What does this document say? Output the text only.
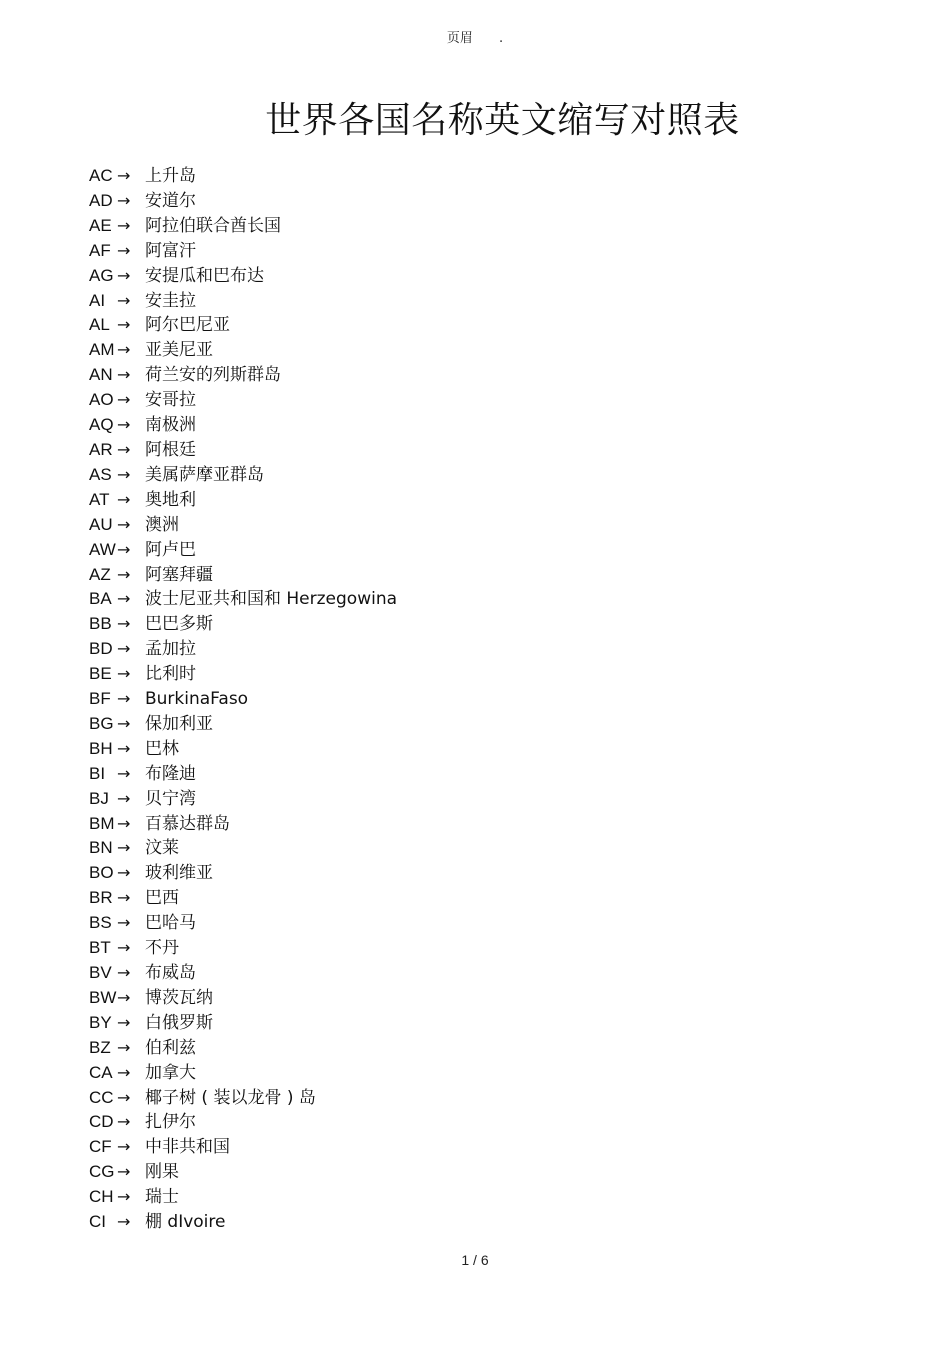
页眉 .
世界各国名称英文缩写对照表
AC → 上升岛
AD → 安道尔
AE → 阿拉伯联合酋长国
AF → 阿富汗
AG → 安提瓜和巴布达
AI → 安圭拉
AL → 阿尔巴尼亚
AM → 亚美尼亚
AN → 荷兰安的列斯群岛
AO → 安哥拉
AQ → 南极洲
AR → 阿根廷
AS → 美属萨摩亚群岛
AT → 奥地利
AU → 澳洲
AW → 阿卢巴
AZ → 阿塞拜疆
BA → 波士尼亚共和国和 Herzegowina
BB → 巴巴多斯
BD → 孟加拉
BE → 比利时
BF → BurkinaFaso
BG → 保加利亚
BH → 巴林
BI → 布隆迪
BJ → 贝宁湾
BM → 百慕达群岛
BN → 汶莱
BO → 玻利维亚
BR → 巴西
BS → 巴哈马
BT → 不丹
BV → 布威岛
BW → 博茨瓦纳
BY → 白俄罗斯
BZ → 伯利兹
CA → 加拿大
CC → 椰子树 ( 装以龙骨 ) 岛
CD → 扎伊尔
CF → 中非共和国
CG → 刚果
CH → 瑞士
CI → 棚 dIvoire
1 / 6
